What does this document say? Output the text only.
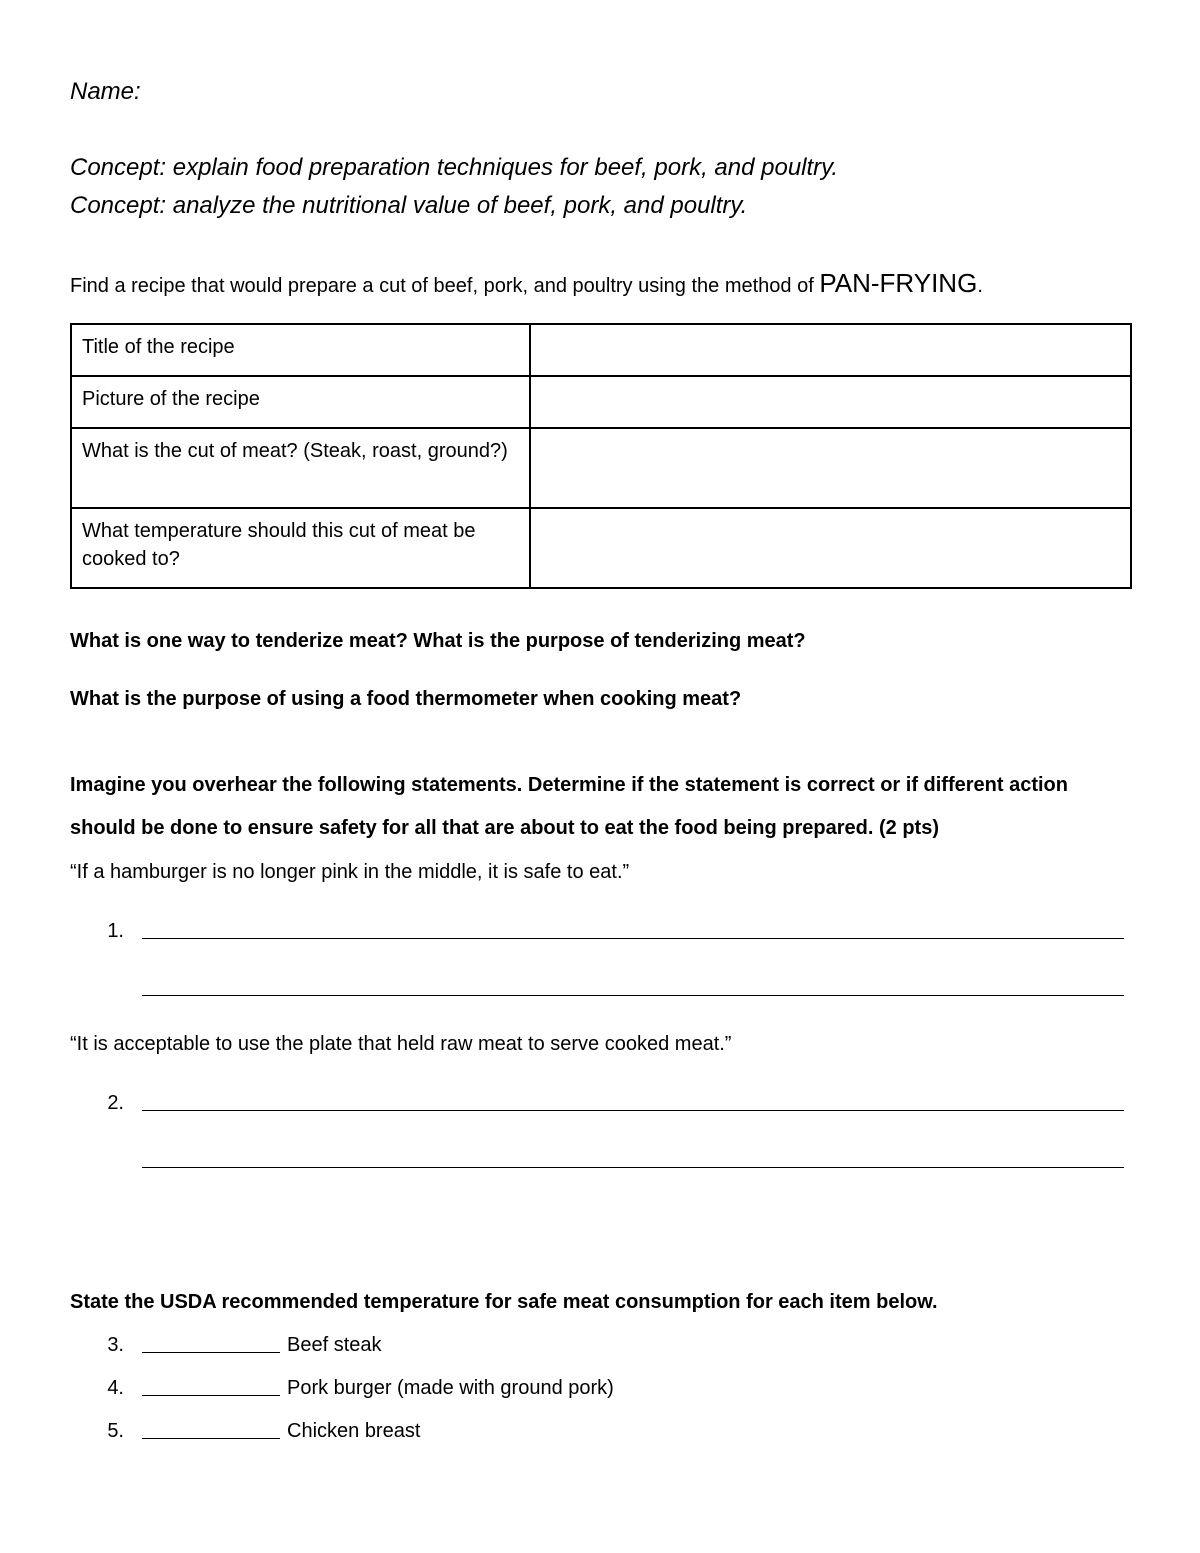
Name:
Concept: explain food preparation techniques for beef, pork, and poultry.
Concept: analyze the nutritional value of beef, pork, and poultry.
Find a recipe that would prepare a cut of beef, pork, and poultry using the method of PAN-FRYING.
Title of the recipe	
Picture of the recipe	
What is the cut of meat? (Steak, roast, ground?)	
What temperature should this cut of meat be cooked to?	
What is one way to tenderize meat? What is the purpose of tenderizing meat?
What is the purpose of using a food thermometer when cooking meat?
Imagine you overhear the following statements. Determine if the statement is correct or if different action
should be done to ensure safety for all that are about to eat the food being prepared. (2 pts)
“If a hamburger is no longer pink in the middle, it is safe to eat.”
1.
“It is acceptable to use the plate that held raw meat to serve cooked meat.”
2.
State the USDA recommended temperature for safe meat consumption for each item below.
3.	Beef steak
4.	Pork burger (made with ground pork)
5.	Chicken breast
